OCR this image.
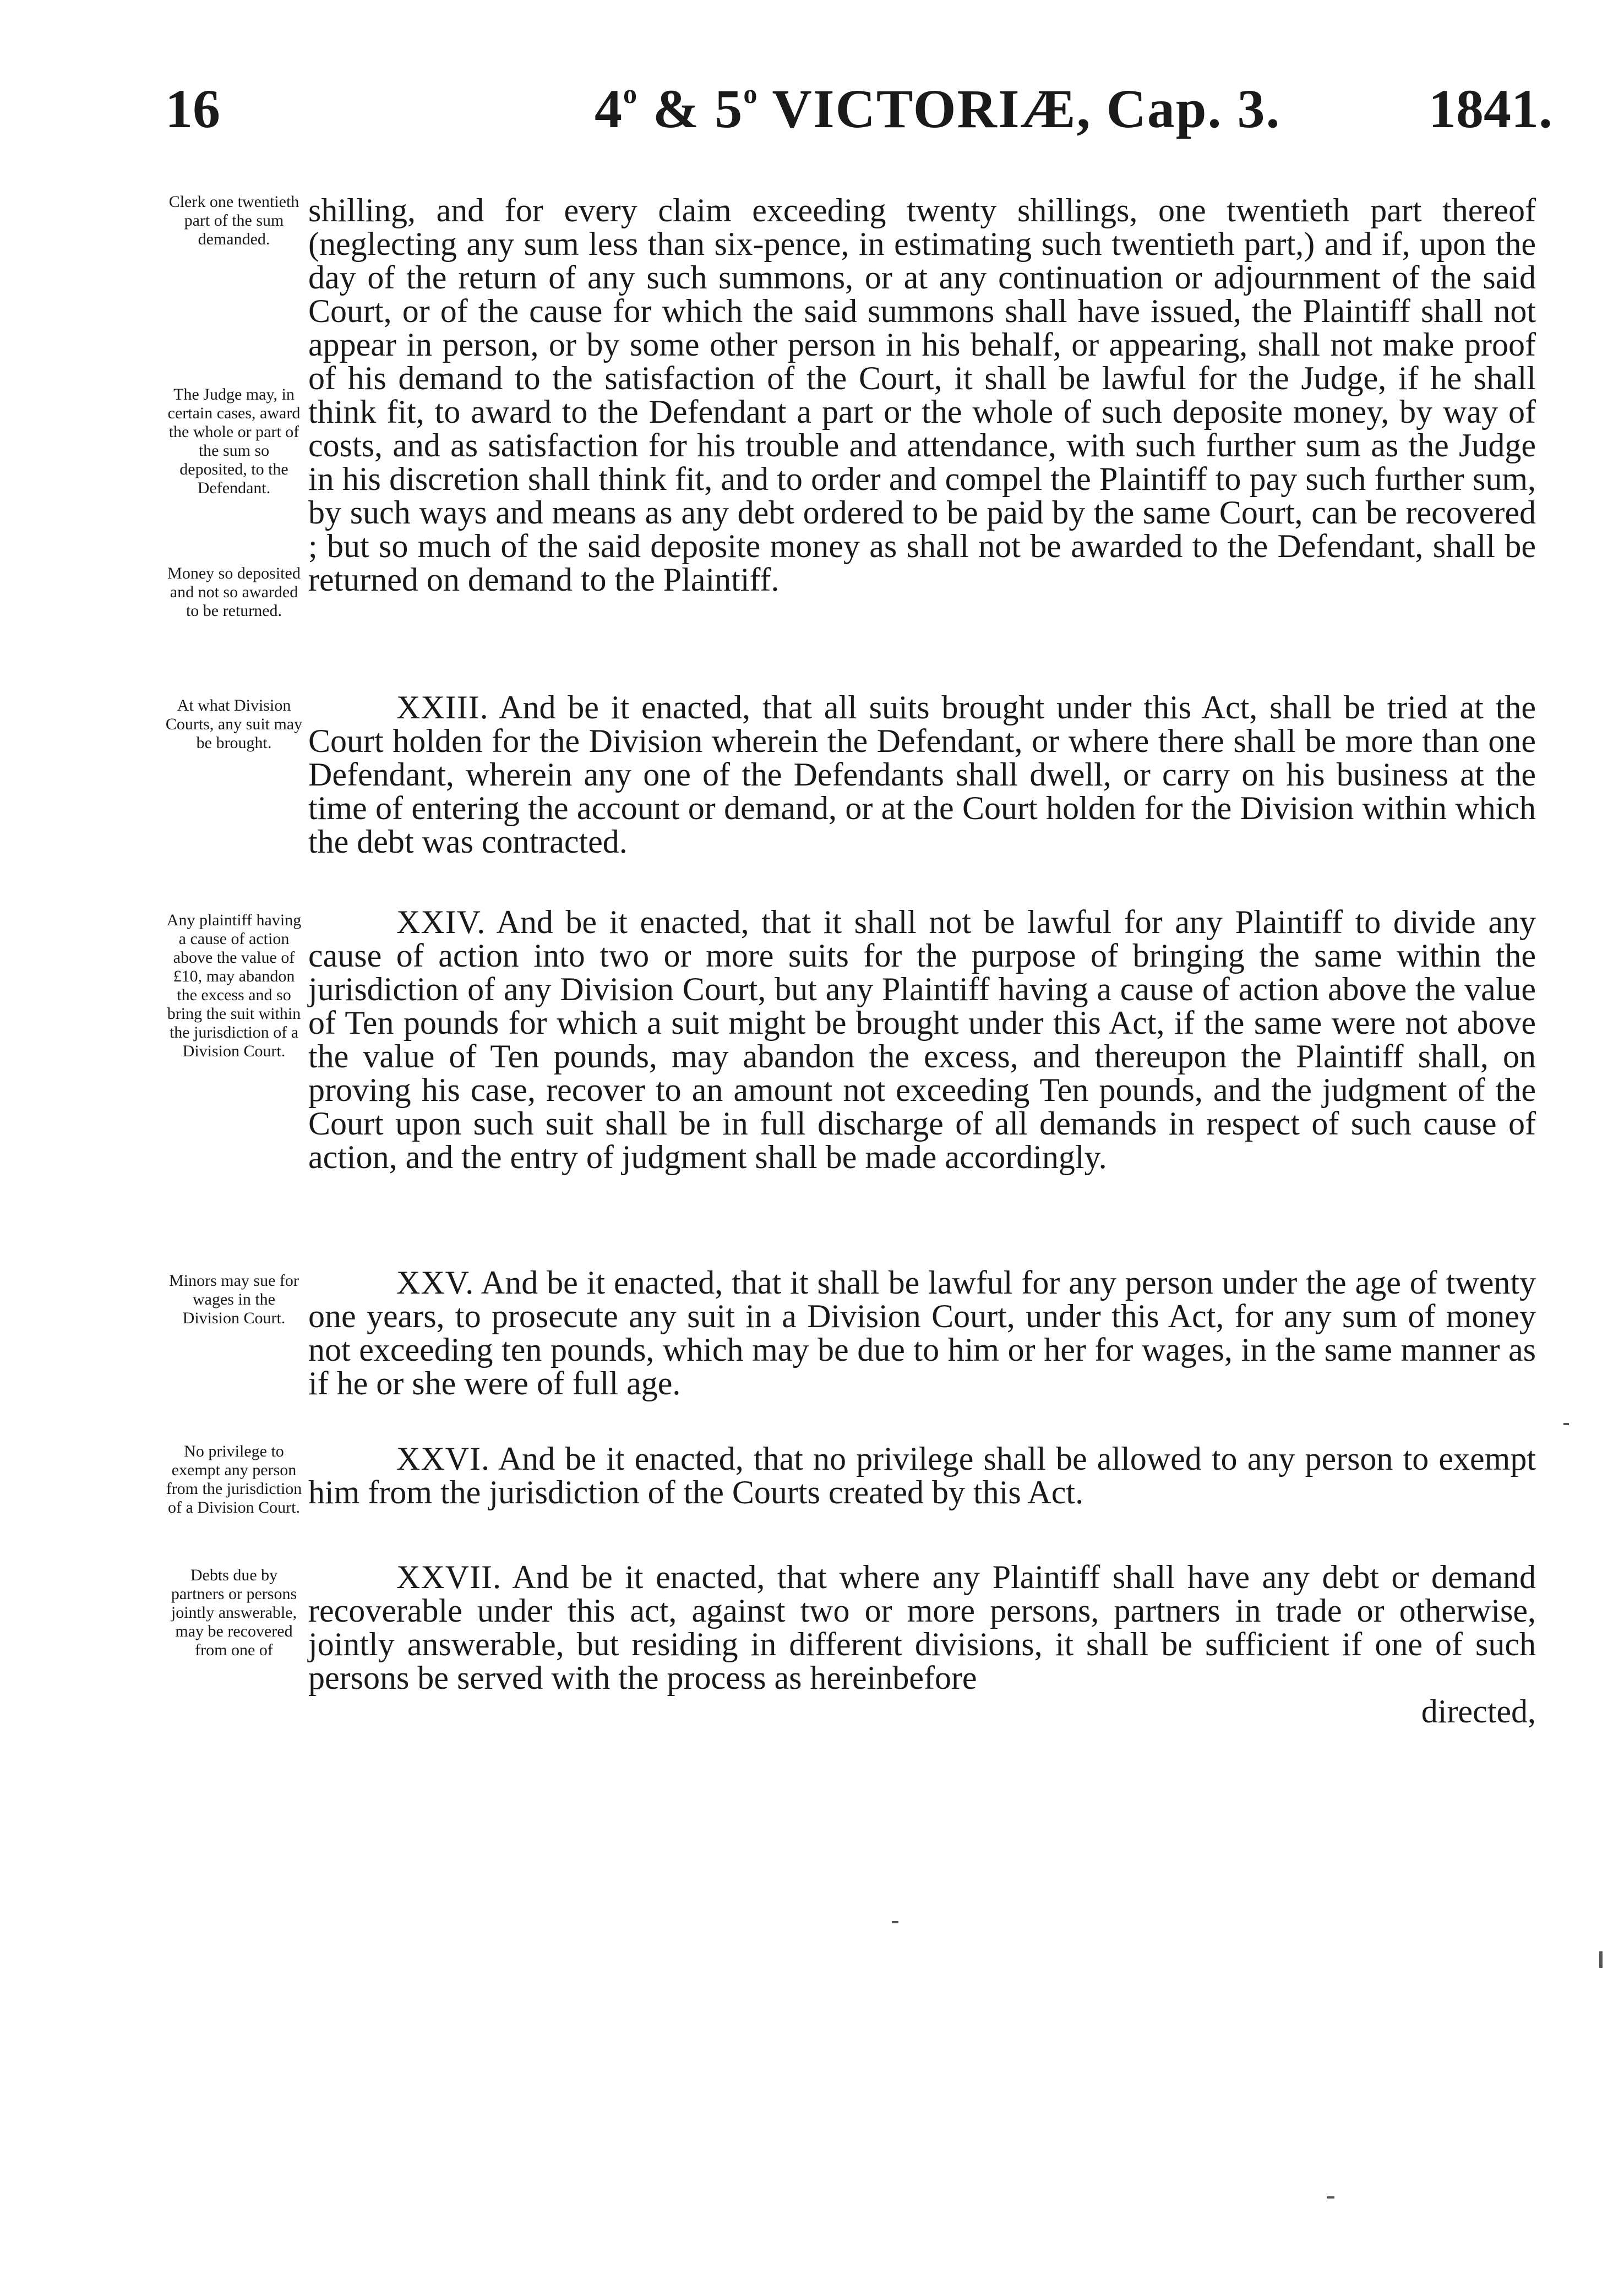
16	4$^o$ & 5$^o$ VICTORIÆ, Cap. 3.	1841.
Clerk one twentieth part of the sum demanded.
The Judge may, in certain cases, award the whole or part of the sum so deposited, to the Defendant.
Money so deposited and not so awarded to be returned.
At what Division Courts, any suit may be brought.
Any plaintiff having a cause of action above the value of £10, may abandon the excess and so bring the suit within the jurisdiction of a Division Court.
Minors may sue for wages in the Division Court.
No privilege to exempt any person from the jurisdiction of a Division Court.
Debts due by partners or persons jointly answerable, may be recovered from one of

shilling, and for every claim exceeding twenty shillings, one twentieth part thereof (neglecting any sum less than six-pence, in estimating such twentieth part,) and if, upon the day of the return of any such summons, or at any continuation or adjournment of the said Court, or of the cause for which the said summons shall have issued, the Plaintiff shall not appear in person, or by some other person in his behalf, or appearing, shall not make proof of his demand to the satisfaction of the Court, it shall be lawful for the Judge, if he shall think fit, to award to the Defendant a part or the whole of such deposite money, by way of costs, and as satisfaction for his trouble and attendance, with such further sum as the Judge in his discretion shall think fit, and to order and compel the Plaintiff to pay such further sum, by such ways and means as any debt ordered to be paid by the same Court, can be recovered ; but so much of the said deposite money as shall not be awarded to the Defendant, shall be returned on demand to the Plaintiff.

XXIII. And be it enacted, that all suits brought under this Act, shall be tried at the Court holden for the Division wherein the Defendant, or where there shall be more than one Defendant, wherein any one of the Defendants shall dwell, or carry on his business at the time of entering the account or demand, or at the Court holden for the Division within which the debt was contracted.

XXIV. And be it enacted, that it shall not be lawful for any Plaintiff to divide any cause of action into two or more suits for the purpose of bringing the same within the jurisdiction of any Division Court, but any Plaintiff having a cause of action above the value of Ten pounds for which a suit might be brought under this Act, if the same were not above the value of Ten pounds, may abandon the excess, and thereupon the Plaintiff shall, on proving his case, recover to an amount not exceeding Ten pounds, and the judgment of the Court upon such suit shall be in full discharge of all demands in respect of such cause of action, and the entry of judgment shall be made accordingly.

XXV. And be it enacted, that it shall be lawful for any person under the age of twenty one years, to prosecute any suit in a Division Court, under this Act, for any sum of money not exceeding ten pounds, which may be due to him or her for wages, in the same manner as if he or she were of full age.

XXVI. And be it enacted, that no privilege shall be allowed to any person to exempt him from the jurisdiction of the Courts created by this Act.

XXVII. And be it enacted, that where any Plaintiff shall have any debt or demand recoverable under this act, against two or more persons, partners in trade or otherwise, jointly answerable, but residing in different divisions, it shall be sufficient if one of such persons be served with the process as hereinbefore

directed,
